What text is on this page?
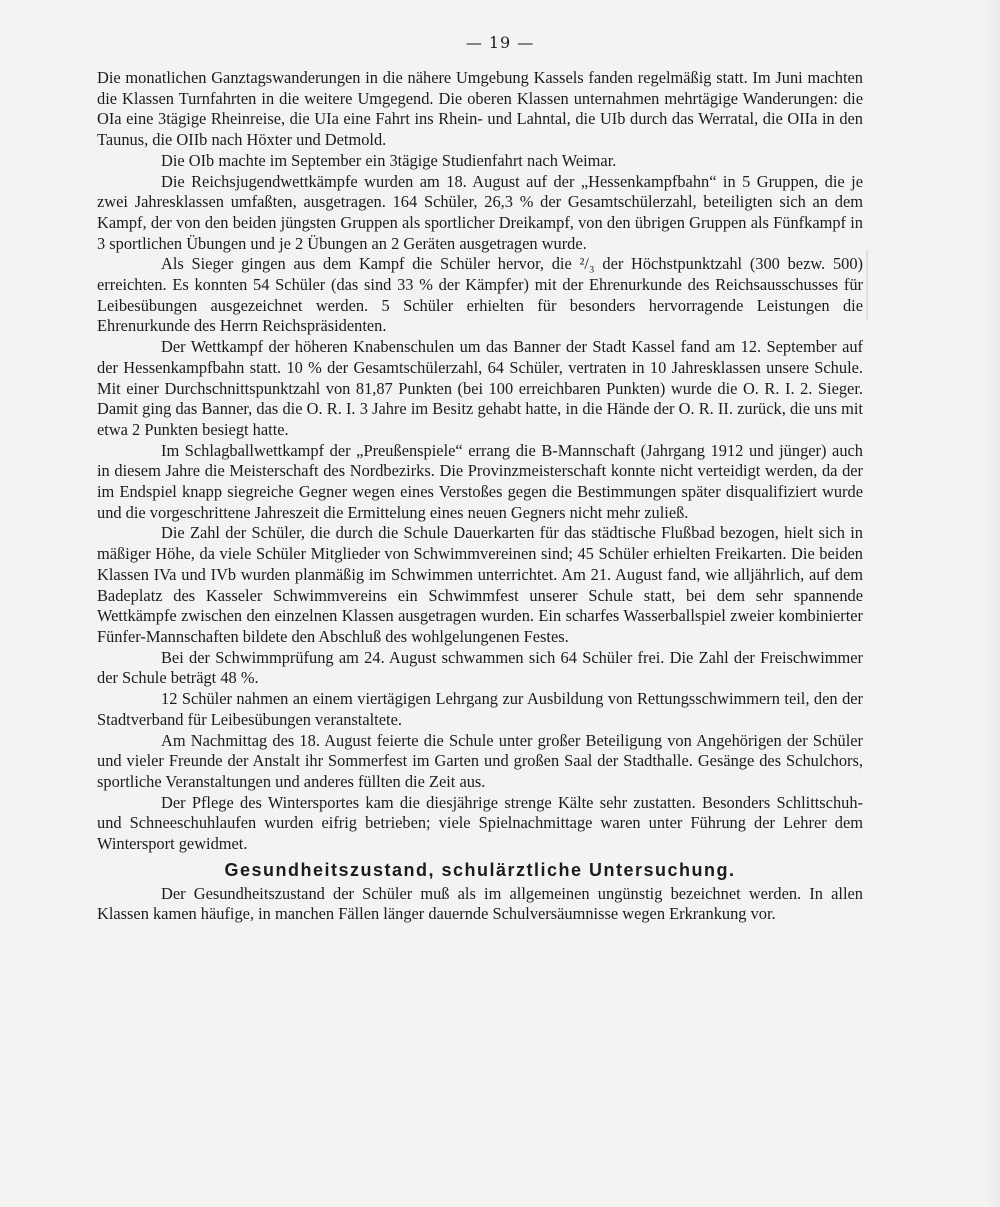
— 19 —

Die monatlichen Ganztagswanderungen in die nähere Umgebung Kassels fanden regelmäßig statt. Im Juni machten die Klassen Turnfahrten in die weitere Umgegend. Die oberen Klassen unternahmen mehrtägige Wanderungen: die OIa eine 3tägige Rheinreise, die UIa eine Fahrt ins Rhein- und Lahntal, die UIb durch das Werratal, die OIIa in den Taunus, die OIIb nach Höxter und Detmold.

Die OIb machte im September ein 3tägige Studienfahrt nach Weimar.

Die Reichsjugendwettkämpfe wurden am 18. August auf der „Hessenkampfbahn“ in 5 Gruppen, die je zwei Jahresklassen umfaßten, ausgetragen. 164 Schüler, 26,3 % der Gesamtschülerzahl, beteiligten sich an dem Kampf, der von den beiden jüngsten Gruppen als sportlicher Dreikampf, von den übrigen Gruppen als Fünfkampf in 3 sportlichen Übungen und je 2 Übungen an 2 Geräten ausgetragen wurde.

Als Sieger gingen aus dem Kampf die Schüler hervor, die ²/₃ der Höchstpunktzahl (300 bezw. 500) erreichten. Es konnten 54 Schüler (das sind 33 % der Kämpfer) mit der Ehrenurkunde des Reichsausschusses für Leibesübungen ausgezeichnet werden. 5 Schüler erhielten für besonders hervorragende Leistungen die Ehrenurkunde des Herrn Reichspräsidenten.

Der Wettkampf der höheren Knabenschulen um das Banner der Stadt Kassel fand am 12. September auf der Hessenkampfbahn statt. 10 % der Gesamtschülerzahl, 64 Schüler, vertraten in 10 Jahresklassen unsere Schule. Mit einer Durchschnittspunktzahl von 81,87 Punkten (bei 100 erreichbaren Punkten) wurde die O. R. I. 2. Sieger. Damit ging das Banner, das die O. R. I. 3 Jahre im Besitz gehabt hatte, in die Hände der O. R. II. zurück, die uns mit etwa 2 Punkten besiegt hatte.

Im Schlagballwettkampf der „Preußenspiele“ errang die B-Mannschaft (Jahrgang 1912 und jünger) auch in diesem Jahre die Meisterschaft des Nordbezirks. Die Provinzmeisterschaft konnte nicht verteidigt werden, da der im Endspiel knapp siegreiche Gegner wegen eines Verstoßes gegen die Bestimmungen später disqualifiziert wurde und die vorgeschrittene Jahreszeit die Ermittelung eines neuen Gegners nicht mehr zuließ.

Die Zahl der Schüler, die durch die Schule Dauerkarten für das städtische Flußbad bezogen, hielt sich in mäßiger Höhe, da viele Schüler Mitglieder von Schwimmvereinen sind; 45 Schüler erhielten Freikarten. Die beiden Klassen IVa und IVb wurden planmäßig im Schwimmen unterrichtet. Am 21. August fand, wie alljährlich, auf dem Badeplatz des Kasseler Schwimmvereins ein Schwimmfest unserer Schule statt, bei dem sehr spannende Wettkämpfe zwischen den einzelnen Klassen ausgetragen wurden. Ein scharfes Wasserballspiel zweier kombinierter Fünfer-Mannschaften bildete den Abschluß des wohlgelungenen Festes.

Bei der Schwimmprüfung am 24. August schwammen sich 64 Schüler frei. Die Zahl der Freischwimmer der Schule beträgt 48 %.

12 Schüler nahmen an einem viertägigen Lehrgang zur Ausbildung von Rettungsschwimmern teil, den der Stadtverband für Leibesübungen veranstaltete.

Am Nachmittag des 18. August feierte die Schule unter großer Beteiligung von Angehörigen der Schüler und vieler Freunde der Anstalt ihr Sommerfest im Garten und großen Saal der Stadthalle. Gesänge des Schulchors, sportliche Veranstaltungen und anderes füllten die Zeit aus.

Der Pflege des Wintersportes kam die diesjährige strenge Kälte sehr zustatten. Besonders Schlittschuh- und Schneeschuhlaufen wurden eifrig betrieben; viele Spielnachmittage waren unter Führung der Lehrer dem Wintersport gewidmet.

Gesundheitszustand, schulärztliche Untersuchung.

Der Gesundheitszustand der Schüler muß als im allgemeinen ungünstig bezeichnet werden. In allen Klassen kamen häufige, in manchen Fällen länger dauernde Schulversäumnisse wegen Erkrankung vor.
